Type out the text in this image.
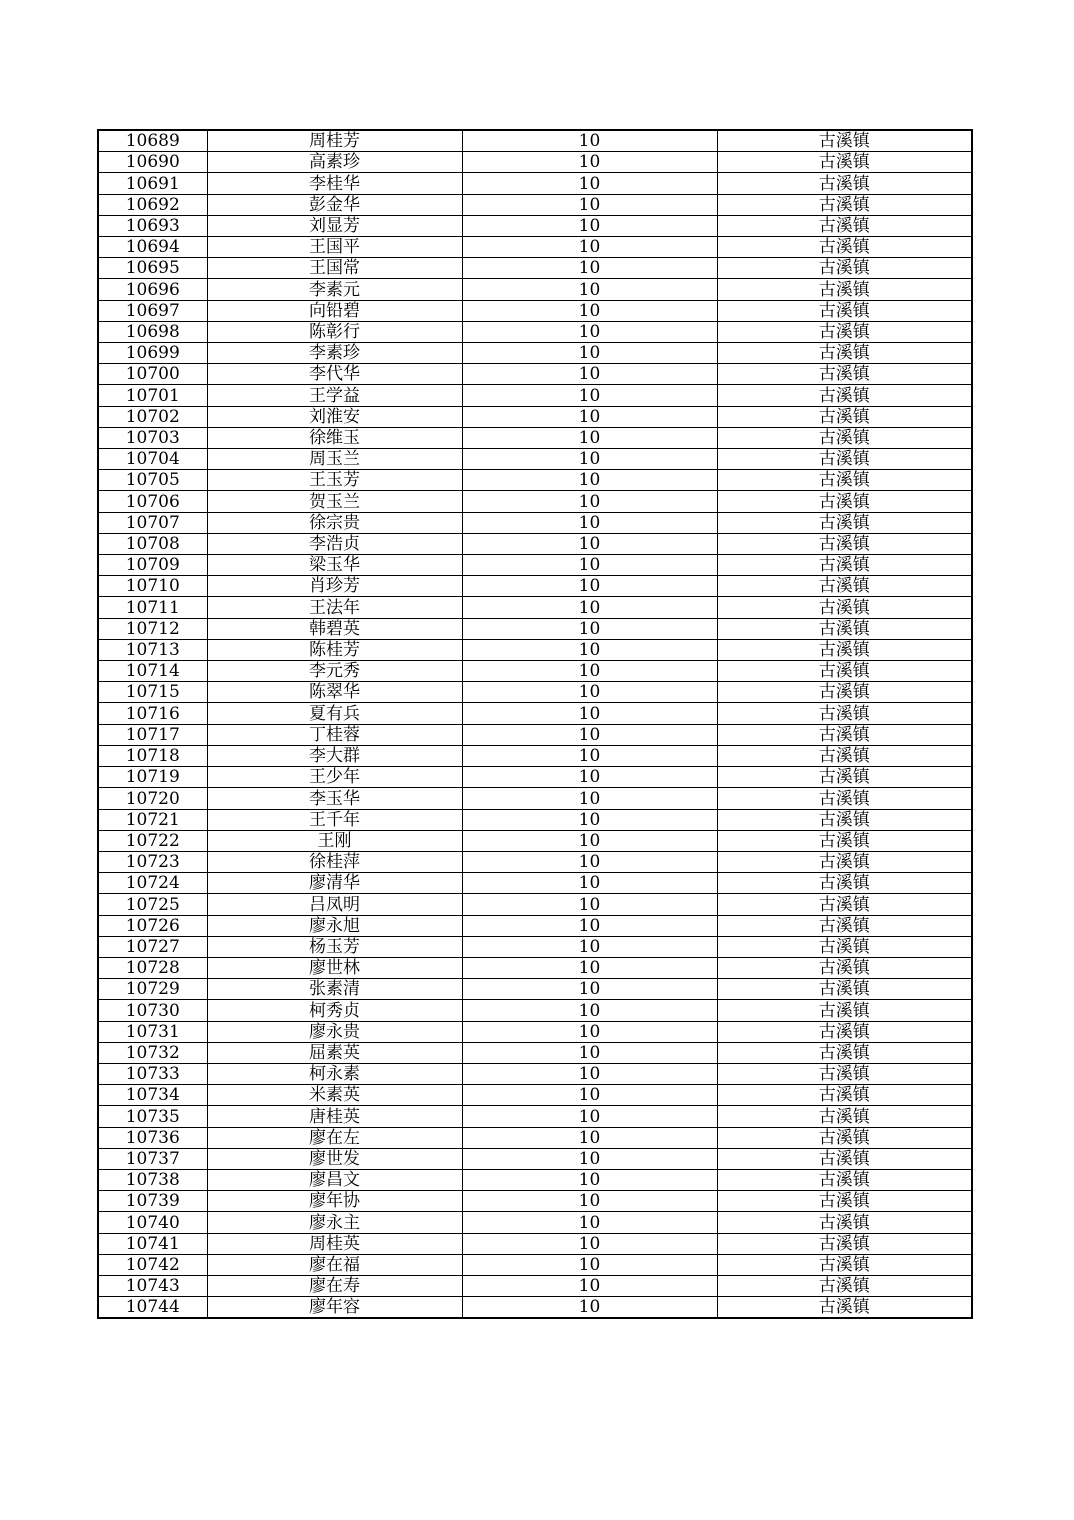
10689	周桂芳	10	古溪镇
10690	高素珍	10	古溪镇
10691	李桂华	10	古溪镇
10692	彭金华	10	古溪镇
10693	刘显芳	10	古溪镇
10694	王国平	10	古溪镇
10695	王国常	10	古溪镇
10696	李素元	10	古溪镇
10697	向铅碧	10	古溪镇
10698	陈彰行	10	古溪镇
10699	李素珍	10	古溪镇
10700	李代华	10	古溪镇
10701	王学益	10	古溪镇
10702	刘淮安	10	古溪镇
10703	徐维玉	10	古溪镇
10704	周玉兰	10	古溪镇
10705	王玉芳	10	古溪镇
10706	贺玉兰	10	古溪镇
10707	徐宗贵	10	古溪镇
10708	李浩贞	10	古溪镇
10709	梁玉华	10	古溪镇
10710	肖珍芳	10	古溪镇
10711	王法年	10	古溪镇
10712	韩碧英	10	古溪镇
10713	陈桂芳	10	古溪镇
10714	李元秀	10	古溪镇
10715	陈翠华	10	古溪镇
10716	夏有兵	10	古溪镇
10717	丁桂蓉	10	古溪镇
10718	李大群	10	古溪镇
10719	王少年	10	古溪镇
10720	李玉华	10	古溪镇
10721	王千年	10	古溪镇
10722	王刚	10	古溪镇
10723	徐桂萍	10	古溪镇
10724	廖清华	10	古溪镇
10725	吕凤明	10	古溪镇
10726	廖永旭	10	古溪镇
10727	杨玉芳	10	古溪镇
10728	廖世林	10	古溪镇
10729	张素清	10	古溪镇
10730	柯秀贞	10	古溪镇
10731	廖永贵	10	古溪镇
10732	屈素英	10	古溪镇
10733	柯永素	10	古溪镇
10734	米素英	10	古溪镇
10735	唐桂英	10	古溪镇
10736	廖在左	10	古溪镇
10737	廖世发	10	古溪镇
10738	廖昌文	10	古溪镇
10739	廖年协	10	古溪镇
10740	廖永主	10	古溪镇
10741	周桂英	10	古溪镇
10742	廖在福	10	古溪镇
10743	廖在寿	10	古溪镇
10744	廖年容	10	古溪镇
